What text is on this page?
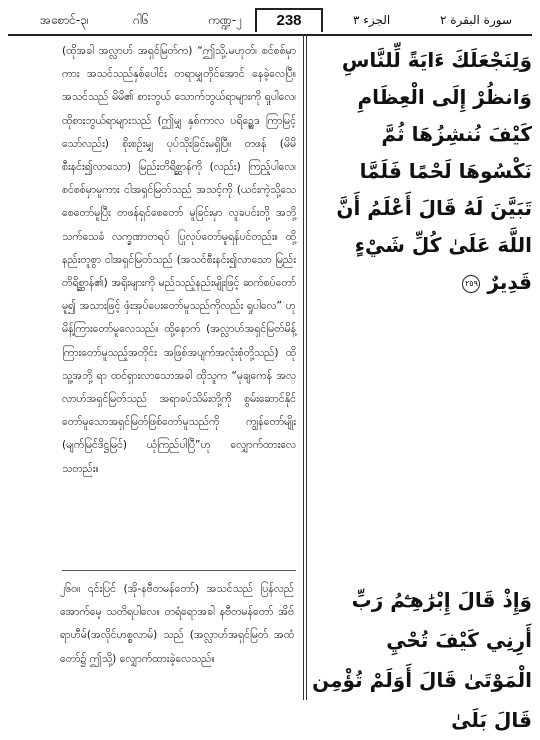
အစောင်-၃၊	ဂါ၆	ကဏ္ဍ-၂	238	الجزء ٣	سورة البقرة ٢
(ထိုအခါ အလ္လာဟ် အရှင်မြတ်က) “ဤသို့.မဟုတ်၊ စင်စစ်မှာကား အသင်သည်နှစ်ပေါင်း တရာမျှတိုင်အောင် နေခဲ့လေပြီ။ အသင်သည် မိမိ၏ စားဘွယ် သောက်ဘွယ်ရာများကို ရှုပါလေ၊ ထိုစားဘွယ်ရာများသည် (ဤမျှ နှစ်ကာလ ပရိဉ္ဆေဒ ကြာမြင့်သော်လည်း) စိုးစဉ်းမျှ ပုပ်သိုးခြင်းမရှိပြီ။ တဖန် (မိမိ စီးနင်း၍လာသော) မြည်းတိရိစ္ဆာန်ကို (လည်း) ကြည့်ပါလေ၊ စင်စစ်မှာမူကား ငါအရှင်မြတ်သည် အသင့်ကို (ယင်းကဲ့သို့သေစေတော်မူပြီး တဖန်ရှင်စေတော် မူခြင်းမှာ လူခပင်းတို့ အဘို့ သက်သေခံ လက္ခဏာတရပ် ပြုလုပ်တော်မူရန်ပင်တည်း။ ထို့နည်းတူစွာ ငါအရှင်မြတ်သည် (အသင်စီးနင်း၍လာသော မြည်းတိရိစ္ဆာန်၏) အရိုးများကို မည်သည့်နည်းမျိုးဖြင့် ဆက်စပ်တော်မူ၍ အသားဖြင့် ဖုံးအုပ်ပေးတော်မူသည်ကိုလည်း ရှုပါလေ” ဟု မိန့်ကြားတော်မူလေသည်။ ထို့နောက် (အလ္လာဟ်အရှင်မြတ်မိန့်ကြားတော်မူသည့်အတိုင်း အဖြစ်အပျက်အလုံးစုံတို့သည်) ထိုသူ့အဘို့ ရာ ထင်ရှားလာသောအခါ ထိုသူက “မုချကေန် အလ္လာဟ်အရှင်မြတ်သည် အရာခပ်သိမ်းတို့ကို စွမ်းဆောင်နိုင်တော်မူသောအရှင်မြတ်ဖြစ်တော်မူသည်ကို ကျွန်တော်မျိုး (မျက်မြင်ဒိဋ္ဌမြင်) ယုံကြည်ပါပြီ”ဟု လျှောက်ထားလေသတည်း။
၂၆၀။ ၎င်းပြင် (အို-နဗီတမန်တော်) အသင်သည် ပြန်လည်အောက်မေ့ သတိရပါလေ။ တရံရောအခါ နဗီတမန်တော် အိဗ်ရာဟီမ်(အလိုင်ဟစ္စလာမ်) သည် (အလ္လာဟ်အရှင်မြတ် အထံတော်၌ ဤသို့) လျှောက်ထားခဲ့လေသည်။
وَلِنَجْعَلَكَ ءَايَةً لِّلنَّاسِ وَانظُرْ إِلَى الْعِظَامِ كَيْفَ نُنشِزُهَا ثُمَّ نَكْسُوهَا لَحْمًا فَلَمَّا تَبَيَّنَ لَهُ قَالَ أَعْلَمُ أَنَّ اللَّهَ عَلَىٰ كُلِّ شَيْءٍ قَدِيرٌ ٢٥٩
وَإِذْ قَالَ إِبْرَٰهِـۧمُ رَبِّ أَرِنِي كَيْفَ تُحْيِ الْمَوْتَىٰ قَالَ أَوَلَمْ تُؤْمِن قَالَ بَلَىٰ
